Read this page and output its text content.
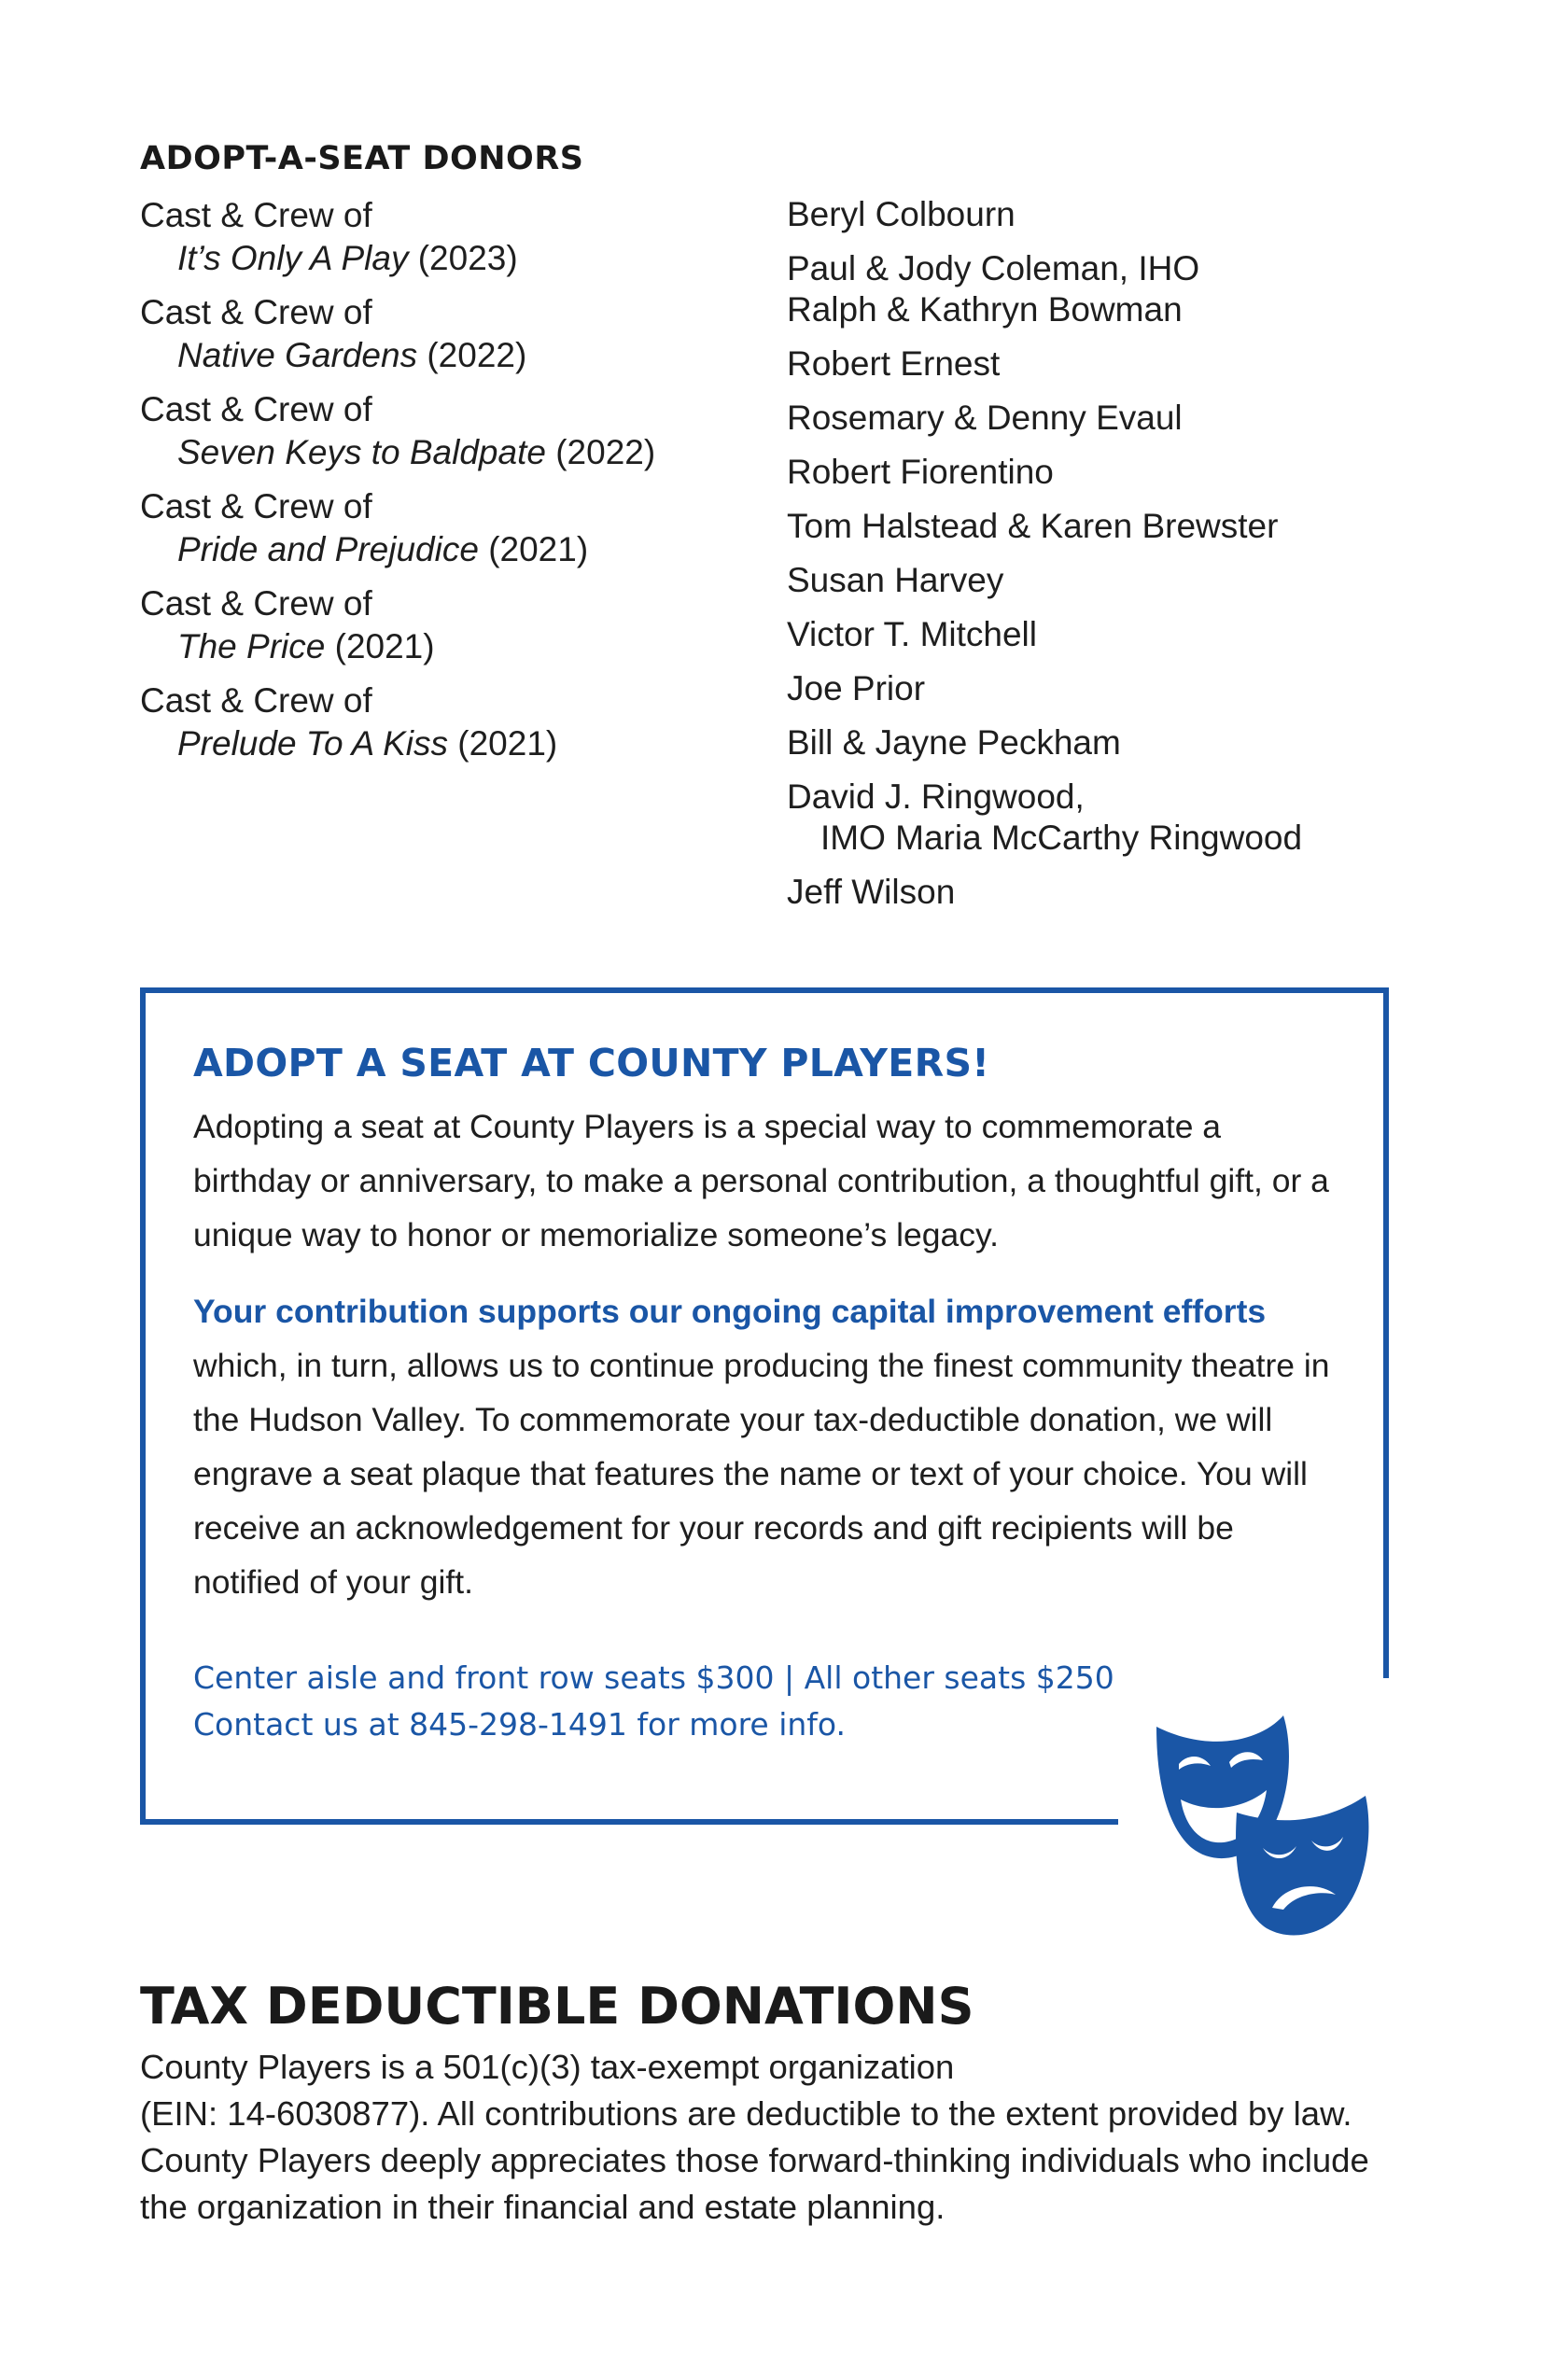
ADOPT-A-SEAT DONORS
Cast & Crew of
It’s Only A Play (2023)
Cast & Crew of
Native Gardens (2022)
Cast & Crew of
Seven Keys to Baldpate (2022)
Cast & Crew of
Pride and Prejudice (2021)
Cast & Crew of
The Price (2021)
Cast & Crew of
Prelude To A Kiss (2021)
Beryl Colbourn
Paul & Jody Coleman, IHO
Ralph & Kathryn Bowman
Robert Ernest
Rosemary & Denny Evaul
Robert Fiorentino
Tom Halstead & Karen Brewster
Susan Harvey
Victor T. Mitchell
Joe Prior
Bill & Jayne Peckham
David J. Ringwood,
IMO Maria McCarthy Ringwood
Jeff Wilson
ADOPT A SEAT AT COUNTY PLAYERS!

Adopting a seat at County Players is a special way to commemorate a birthday or anniversary, to make a personal contribution, a thoughtful gift, or a unique way to honor or memorialize someone’s legacy.

Your contribution supports our ongoing capital improvement efforts which, in turn, allows us to continue producing the finest community theatre in the Hudson Valley. To commemorate your tax-deductible donation, we will engrave a seat plaque that features the name or text of your choice. You will receive an acknowledgement for your records and gift recipients will be notified of your gift.

Center aisle and front row seats $300 | All other seats $250
Contact us at 845-298-1491 for more info.
TAX DEDUCTIBLE DONATIONS
County Players is a 501(c)(3) tax-exempt organization
(EIN: 14-6030877). All contributions are deductible to the extent provided by law. County Players deeply appreciates those forward-thinking individuals who include the organization in their financial and estate planning.
